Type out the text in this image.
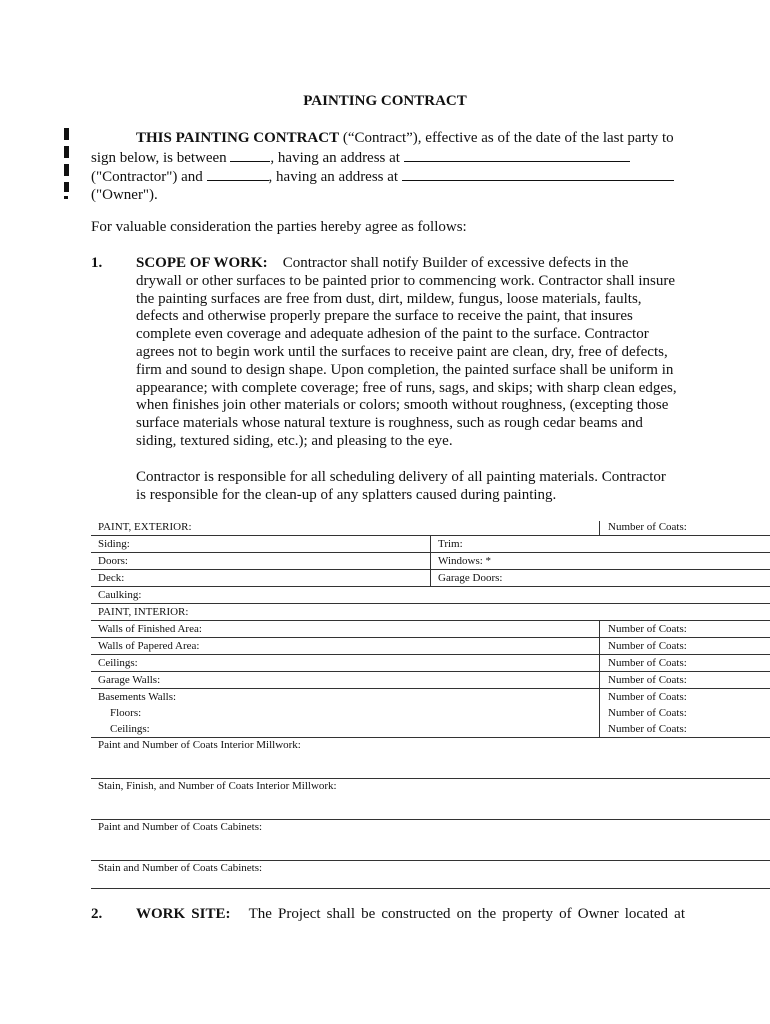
PAINTING CONTRACT
THIS PAINTING CONTRACT (“Contract”), effective as of the date of the last party to
sign below, is between	, having an address at
("Contractor") and	, having an address at
("Owner").
For valuable consideration the parties hereby agree as follows:
1. SCOPE OF WORK: Contractor shall notify Builder of excessive defects in the
drywall or other surfaces to be painted prior to commencing work. Contractor shall insure
the painting surfaces are free from dust, dirt, mildew, fungus, loose materials, faults,
defects and otherwise properly prepare the surface to receive the paint, that insures
complete even coverage and adequate adhesion of the paint to the surface. Contractor
agrees not to begin work until the surfaces to receive paint are clean, dry, free of defects,
firm and sound to design shape. Upon completion, the painted surface shall be uniform in
appearance; with complete coverage; free of runs, sags, and skips; with sharp clean edges,
when finishes join other materials or colors; smooth without roughness, (excepting those
surface materials whose natural texture is roughness, such as rough cedar beams and
siding, textured siding, etc.); and pleasing to the eye.
Contractor is responsible for all scheduling delivery of all painting materials. Contractor
is responsible for the clean-up of any splatters caused during painting.
PAINT, EXTERIOR:	Number of Coats:
Siding:	Trim:
Doors:	Windows: *
Deck:	Garage Doors:
Caulking:
PAINT, INTERIOR:
Walls of Finished Area:	Number of Coats:
Walls of Papered Area:	Number of Coats:
Ceilings:	Number of Coats:
Garage Walls:	Number of Coats:
Basements Walls:	Number of Coats:
Floors:	Number of Coats:
Ceilings:	Number of Coats:
Paint and Number of Coats Interior Millwork:
Stain, Finish, and Number of Coats Interior Millwork:
Paint and Number of Coats Cabinets:
Stain and Number of Coats Cabinets:
2. WORK SITE: The Project shall be constructed on the property of Owner located at
